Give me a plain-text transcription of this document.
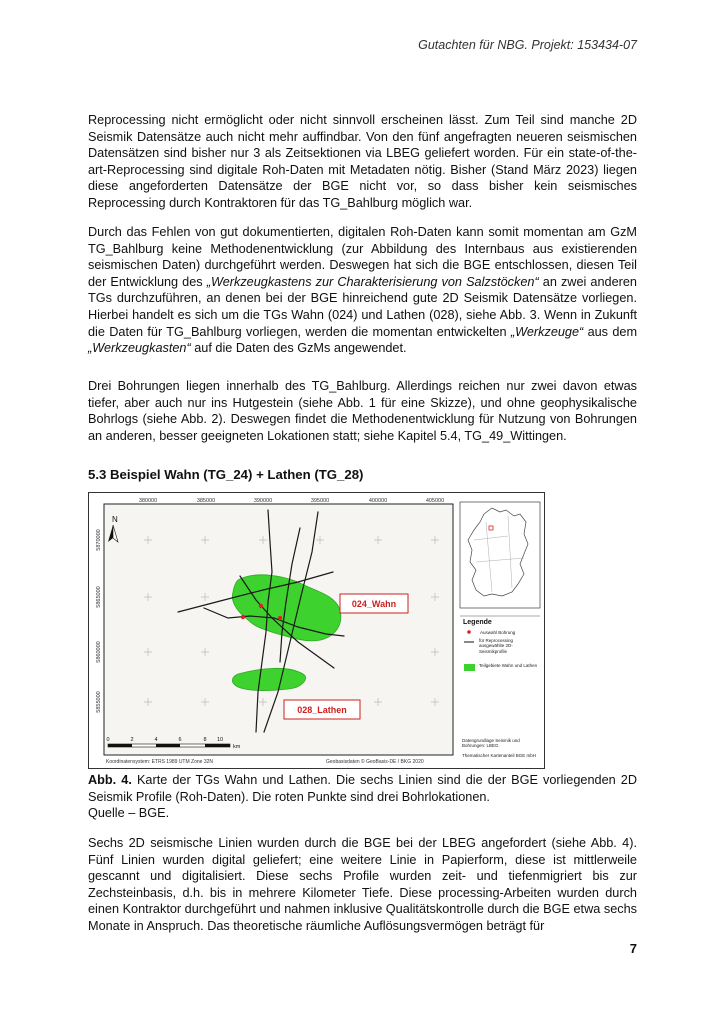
Gutachten für NBG. Projekt: 153434-07

Reprocessing nicht ermöglicht oder nicht sinnvoll erscheinen lässt. Zum Teil sind manche 2D Seismik Datensätze auch nicht mehr auffindbar. Von den fünf angefragten neueren seismischen Datensätzen sind bisher nur 3 als Zeitsektionen via LBEG geliefert worden. Für ein state-of-the-art-Reprocessing sind digitale Roh-Daten mit Metadaten nötig. Bisher (Stand März 2023) liegen diese angeforderten Datensätze der BGE nicht vor, so dass bisher kein seismisches Reprocessing durch Kontraktoren für das TG_Bahlburg möglich war.

Durch das Fehlen von gut dokumentierten, digitalen Roh-Daten kann somit momentan am GzM TG_Bahlburg keine Methodenentwicklung (zur Abbildung des Internbaus aus existierenden seismischen Daten) durchgeführt werden. Deswegen hat sich die BGE entschlossen, diesen Teil der Entwicklung des „Werkzeugkastens zur Charakterisierung von Salzstöcken“ an zwei anderen TGs durchzuführen, an denen bei der BGE hinreichend gute 2D Seismik Datensätze vorliegen. Hierbei handelt es sich um die TGs Wahn (024) und Lathen (028), siehe Abb. 3. Wenn in Zukunft die Daten für TG_Bahlburg vorliegen, werden die momentan entwickelten „Werkzeuge“ aus dem „Werkzeugkasten“ auf die Daten des GzMs angewendet.

Drei Bohrungen liegen innerhalb des TG_Bahlburg. Allerdings reichen nur zwei davon etwas tiefer, aber auch nur ins Hutgestein (siehe Abb. 1 für eine Skizze), und ohne geophysikalische Bohrlogs (siehe Abb. 2). Deswegen findet die Methodenentwicklung für Nutzung von Bohrungen an anderen, besser geeigneten Lokationen statt; siehe Kapitel 5.4, TG_49_Wittingen.

5.3 Beispiel Wahn (TG_24) + Lathen (TG_28)
380000	385000	390000	395000	400000	405000
5870000
5865000
5860000
5855000
N
024_Wahn
028_Lathen
0	2	4	6	8 10
km
Koordinatensystem: ETRS 1989 UTM Zone 32N	Geobasisdaten © GeoBasis-DE / BKG 2020
Legende
Auswahl Bohrung
für Reprocessing ausgewählte 2D-Seismikprofile
Teilgebiete Wahn und Lathen
Datengrundlage Seismik und Bohrungen: LBEG
Thematischer Kartenanteil BGE mbH

Abb. 4. Karte der TGs Wahn und Lathen. Die sechs Linien sind die der BGE vorliegenden 2D Seismik Profile (Roh-Daten). Die roten Punkte sind drei Bohrlokationen.
Quelle – BGE.

Sechs 2D seismische Linien wurden durch die BGE bei der LBEG angefordert (siehe Abb. 4). Fünf Linien wurden digital geliefert; eine weitere Linie in Papierform, diese ist mittlerweile gescannt und digitalisiert. Diese sechs Profile wurden zeit- und tiefenmigriert bis zur Zechsteinbasis, d.h. bis in mehrere Kilometer Tiefe. Diese processing-Arbeiten wurden durch einen Kontraktor durchgeführt und nahmen inklusive Qualitätskontrolle durch die BGE etwa sechs Monate in Anspruch. Das theoretische räumliche Auflösungsvermögen beträgt für

7
